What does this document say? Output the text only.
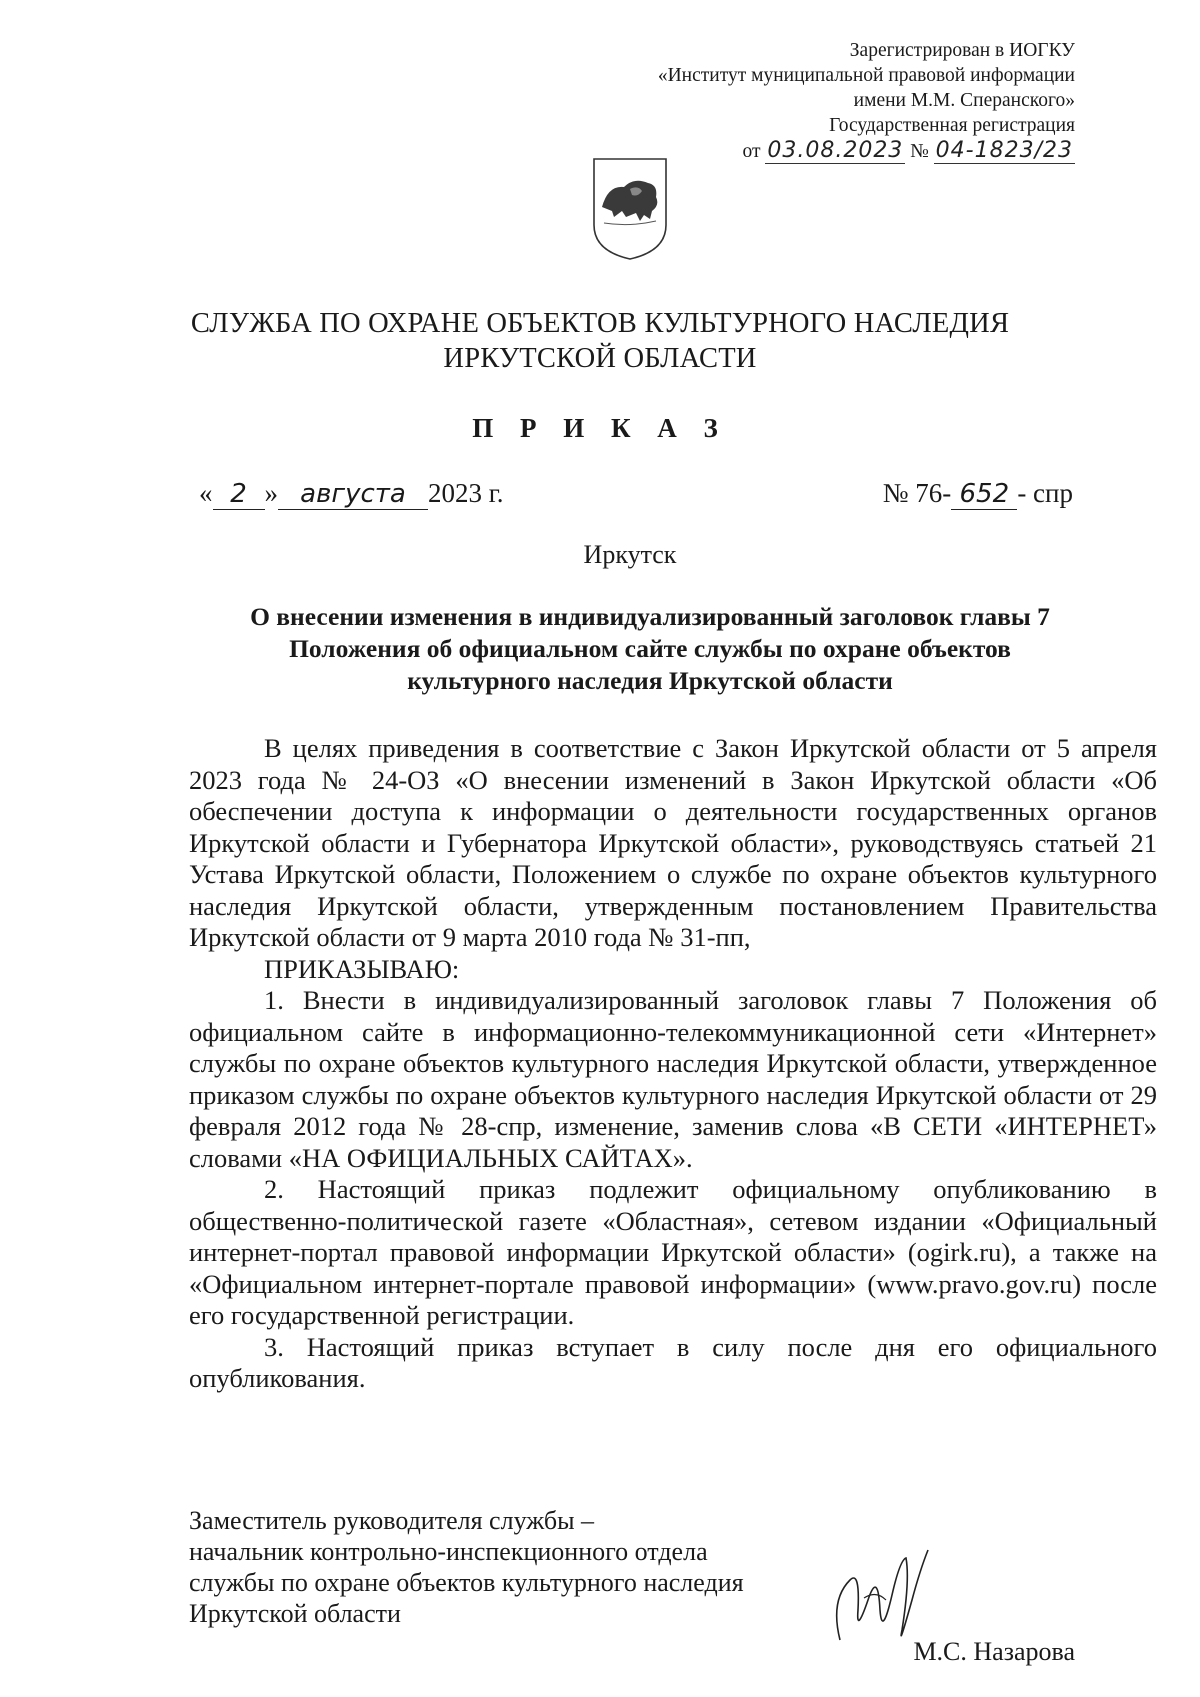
Зарегистрирован в ИОГКУ
«Институт муниципальной правовой информации
имени М.М. Сперанского»
Государственная регистрация
от 03.08.2023 № 04-1823/23
СЛУЖБА ПО ОХРАНЕ ОБЪЕКТОВ КУЛЬТУРНОГО НАСЛЕДИЯ
ИРКУТСКОЙ ОБЛАСТИ
П Р И К А З
« 2 » августа 2023 г.	№ 76- 652 - спр
Иркутск
О внесении изменения в индивидуализированный заголовок главы 7
Положения об официальном сайте службы по охране объектов
культурного наследия Иркутской области

В целях приведения в соответствие с Закон Иркутской области от 5 апреля 2023 года № 24-ОЗ «О внесении изменений в Закон Иркутской области «Об обеспечении доступа к информации о деятельности государственных органов Иркутской области и Губернатора Иркутской области», руководствуясь статьей 21 Устава Иркутской области, Положением о службе по охране объектов культурного наследия Иркутской области, утвержденным постановлением Правительства Иркутской области от 9 марта 2010 года № 31-пп,

ПРИКАЗЫВАЮ:

1. Внести в индивидуализированный заголовок главы 7 Положения об официальном сайте в информационно-телекоммуникационной сети «Интернет» службы по охране объектов культурного наследия Иркутской области, утвержденное приказом службы по охране объектов культурного наследия Иркутской области от 29 февраля 2012 года № 28-спр, изменение, заменив слова «В СЕТИ «ИНТЕРНЕТ» словами «НА ОФИЦИАЛЬНЫХ САЙТАХ».

2. Настоящий приказ подлежит официальному опубликованию в общественно-политической газете «Областная», сетевом издании «Официальный интернет-портал правовой информации Иркутской области» (ogirk.ru), а также на «Официальном интернет-портале правовой информации» (www.pravo.gov.ru) после его государственной регистрации.

3. Настоящий приказ вступает в силу после дня его официального опубликования.

Заместитель руководителя службы –
начальник контрольно-инспекционного отдела
службы по охране объектов культурного наследия
Иркутской области
М.С. Назарова
